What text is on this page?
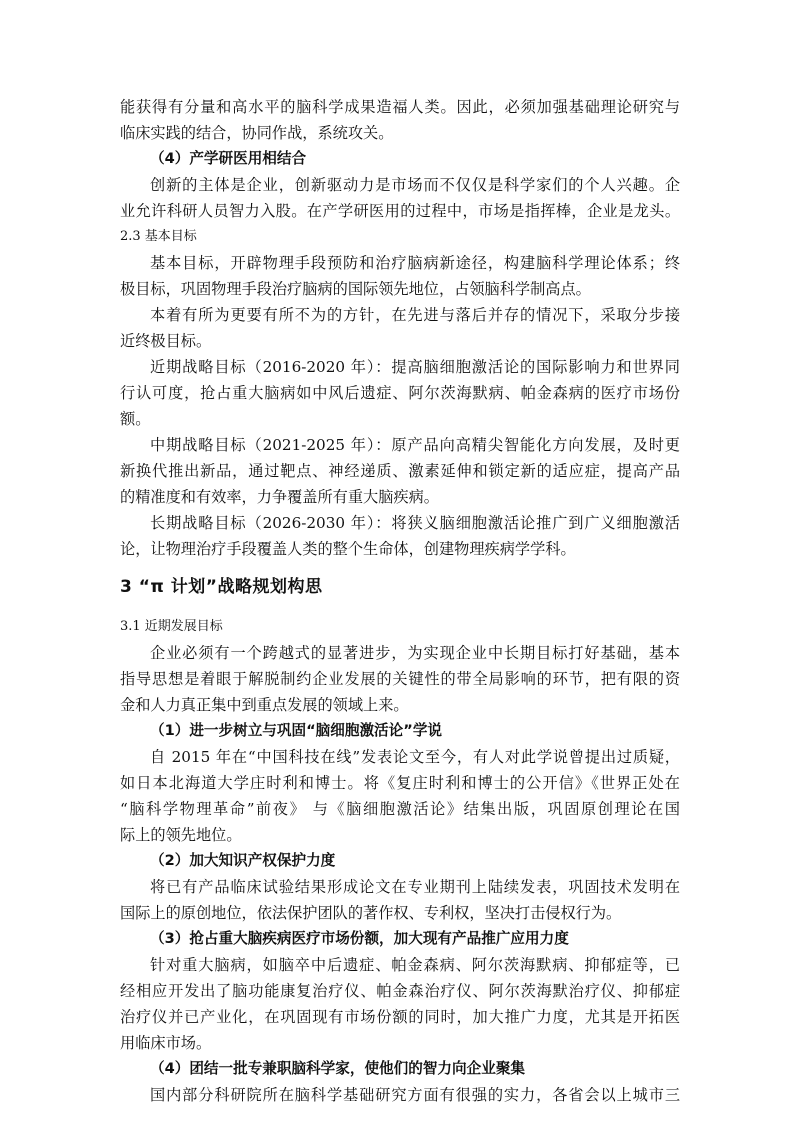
能获得有分量和高水平的脑科学成果造福人类。因此，必须加强基础理论研究与
临床实践的结合，协同作战，系统攻关。
（4）产学研医用相结合
创新的主体是企业，创新驱动力是市场而不仅仅是科学家们的个人兴趣。企
业允许科研人员智力入股。在产学研医用的过程中，市场是指挥棒，企业是龙头。
2.3 基本目标
基本目标，开辟物理手段预防和治疗脑病新途径，构建脑科学理论体系；终
极目标，巩固物理手段治疗脑病的国际领先地位，占领脑科学制高点。
本着有所为更要有所不为的方针，在先进与落后并存的情况下，采取分步接
近终极目标。
近期战略目标（2016-2020 年）：提高脑细胞激活论的国际影响力和世界同
行认可度，抢占重大脑病如中风后遗症、阿尔茨海默病、帕金森病的医疗市场份
额。
中期战略目标（2021-2025 年）：原产品向高精尖智能化方向发展，及时更
新换代推出新品，通过靶点、神经递质、激素延伸和锁定新的适应症，提高产品
的精准度和有效率，力争覆盖所有重大脑疾病。
长期战略目标（2026-2030 年）：将狭义脑细胞激活论推广到广义细胞激活
论，让物理治疗手段覆盖人类的整个生命体，创建物理疾病学学科。
3 “π 计划”战略规划构思
3.1 近期发展目标
企业必须有一个跨越式的显著进步，为实现企业中长期目标打好基础，基本
指导思想是着眼于解脱制约企业发展的关键性的带全局影响的环节，把有限的资
金和人力真正集中到重点发展的领域上来。
（1）进一步树立与巩固“脑细胞激活论”学说
自 2015 年在“中国科技在线”发表论文至今，有人对此学说曾提出过质疑，
如日本北海道大学庄时利和博士。将《复庄时利和博士的公开信》《世界正处在
“脑科学物理革命”前夜》 与《脑细胞激活论》结集出版，巩固原创理论在国
际上的领先地位。
（2）加大知识产权保护力度
将已有产品临床试验结果形成论文在专业期刊上陆续发表，巩固技术发明在
国际上的原创地位，依法保护团队的著作权、专利权，坚决打击侵权行为。
（3）抢占重大脑疾病医疗市场份额，加大现有产品推广应用力度
针对重大脑病，如脑卒中后遗症、帕金森病、阿尔茨海默病、抑郁症等，已
经相应开发出了脑功能康复治疗仪、帕金森治疗仪、阿尔茨海默治疗仪、抑郁症
治疗仪并已产业化，在巩固现有市场份额的同时，加大推广力度，尤其是开拓医
用临床市场。
（4）团结一批专兼职脑科学家，使他们的智力向企业聚集
国内部分科研院所在脑科学基础研究方面有很强的实力，各省会以上城市三
